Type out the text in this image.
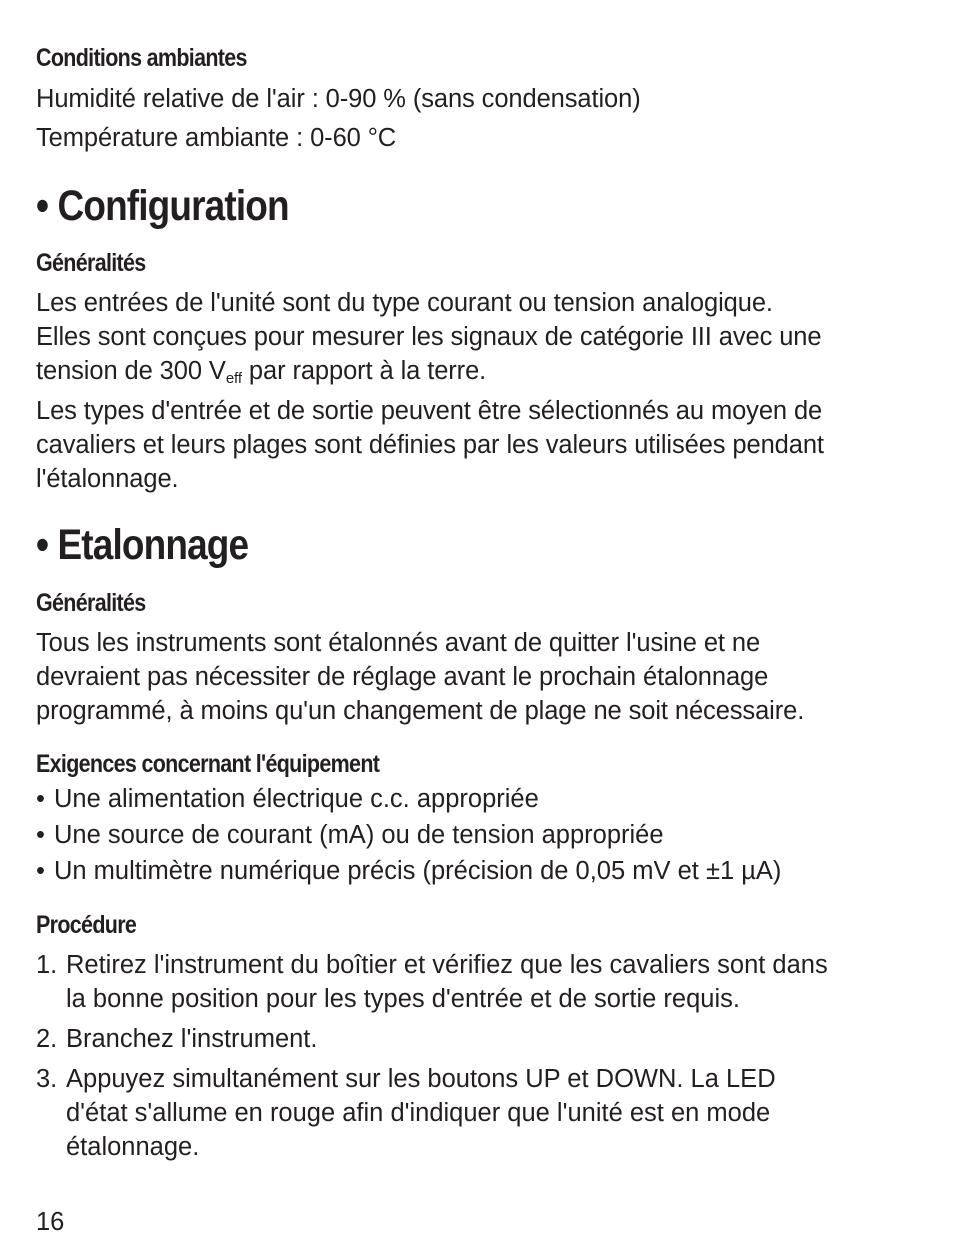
Conditions ambiantes
Humidité relative de l'air : 0-90 % (sans condensation)
Température ambiante : 0-60 °C
• Configuration
Généralités
Les entrées de l'unité sont du type courant ou tension analogique.
Elles sont conçues pour mesurer les signaux de catégorie III avec une
tension de 300 $V_{eff}$ par rapport à la terre.
Les types d'entrée et de sortie peuvent être sélectionnés au moyen de
cavaliers et leurs plages sont définies par les valeurs utilisées pendant
l'étalonnage.
• Etalonnage
Généralités
Tous les instruments sont étalonnés avant de quitter l'usine et ne
devraient pas nécessiter de réglage avant le prochain étalonnage
programmé, à moins qu'un changement de plage ne soit nécessaire.
Exigences concernant l'équipement
• Une alimentation électrique c.c. appropriée
• Une source de courant (mA) ou de tension appropriée
• Un multimètre numérique précis (précision de 0,05 mV et ±1 µA)
Procédure
1. Retirez l'instrument du boîtier et vérifiez que les cavaliers sont dans
la bonne position pour les types d'entrée et de sortie requis.
2. Branchez l'instrument.
3. Appuyez simultanément sur les boutons UP et DOWN. La LED
d'état s'allume en rouge afin d'indiquer que l'unité est en mode
étalonnage.
16
